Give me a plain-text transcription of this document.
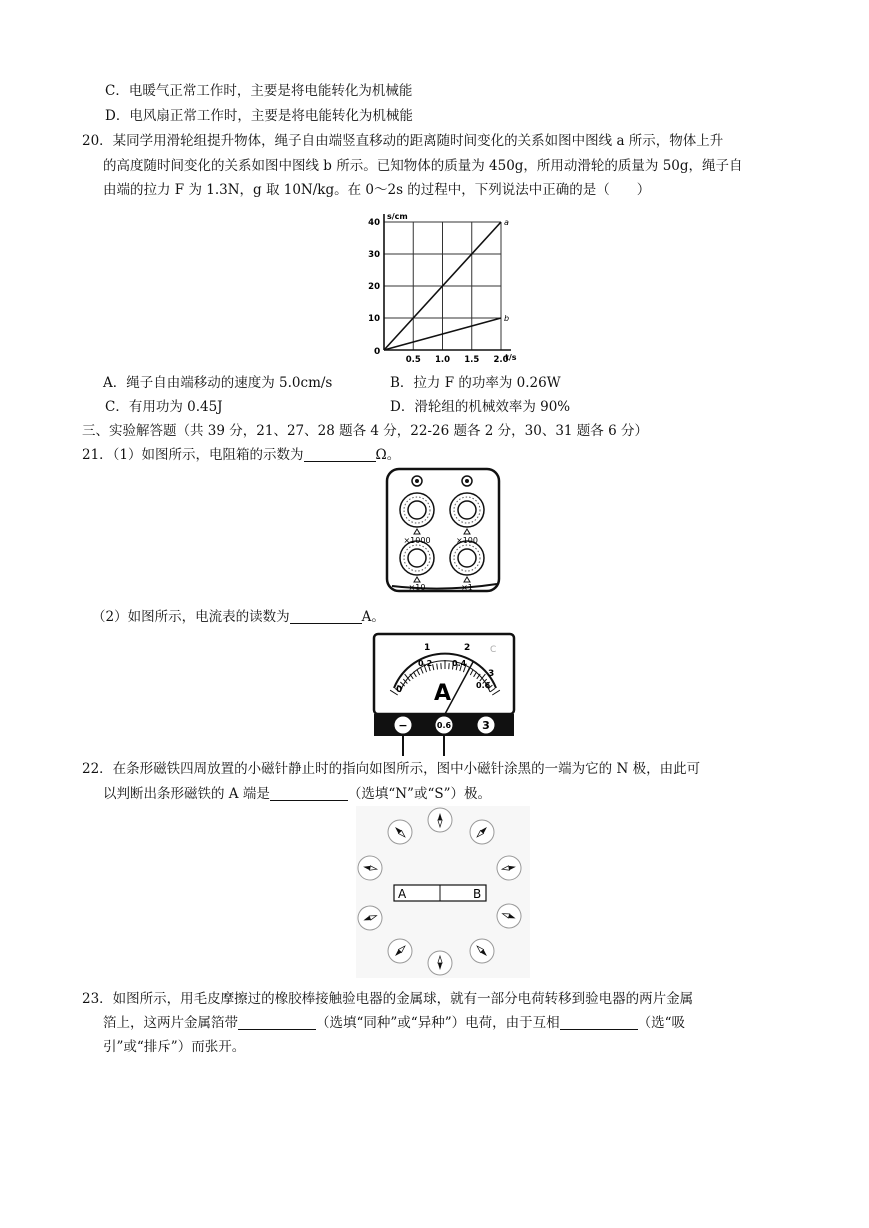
C．电暖气正常工作时，主要是将电能转化为机械能
D．电风扇正常工作时，主要是将电能转化为机械能
20．某同学用滑轮组提升物体，绳子自由端竖直移动的距离随时间变化的关系如图中图线 a 所示，物体上升
的高度随时间变化的关系如图中图线 b 所示。已知物体的质量为 450g，所用动滑轮的质量为 50g，绳子自
由端的拉力 F 为 1.3N，g 取 10N/kg。在 0～2s 的过程中，下列说法中正确的是（　　）
s/cm
t/s
0
10
20
30
40
0.5 1.0 1.5 2.0
a
b
A．绳子自由端移动的速度为 5.0cm/s	B．拉力 F 的功率为 0.26W
C．有用功为 0.45J	D．滑轮组的机械效率为 90%
三、实验解答题（共 39 分，21、27、28 题各 4 分，22-26 题各 2 分，30、31 题各 6 分）
21．（1）如图所示，电阻箱的示数为	Ω。
×1000	×100
×10	×1
（2）如图所示，电流表的读数为	A。
0
1	2
3
0.2 0.4
0.6
A
C
−	0.6	3
22．在条形磁铁四周放置的小磁针静止时的指向如图所示，图中小磁针涂黑的一端为它的 N 极，由此可
以判断出条形磁铁的 A 端是	（选填“N”或“S”）极。
A	B
23．如图所示，用毛皮摩擦过的橡胶棒接触验电器的金属球，就有一部分电荷转移到验电器的两片金属
箔上，这两片金属箔带	（选填“同种”或“异种”）电荷，由于互相	（选“吸
引”或“排斥”）而张开。
